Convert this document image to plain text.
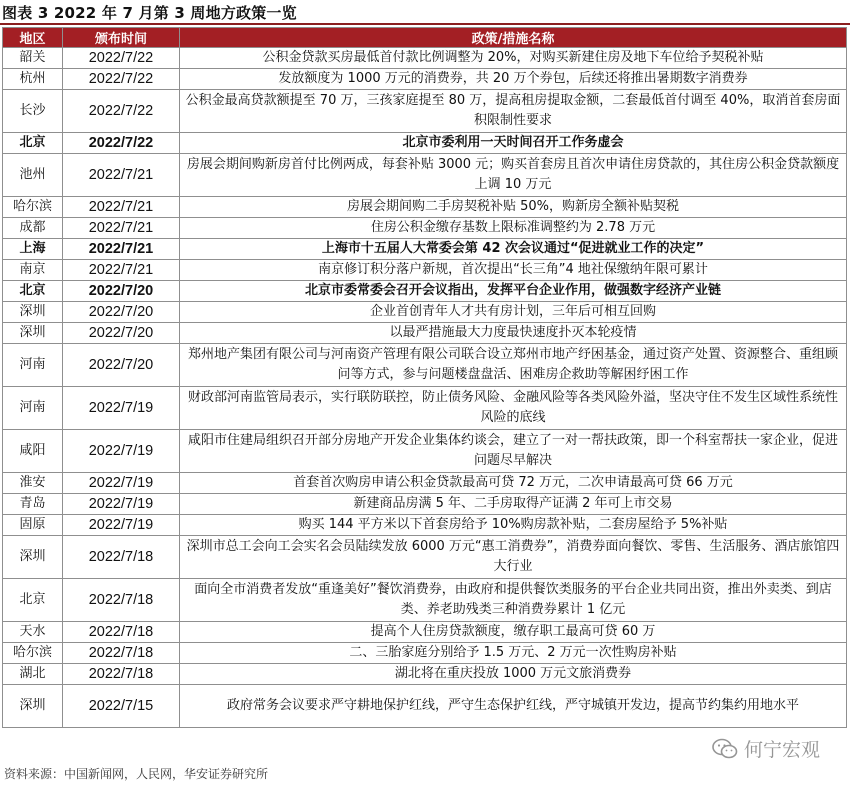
图表 3 2022 年 7 月第 3 周地方政策一览
地区	颁布时间	政策/措施名称
韶关	2022/7/22	公积金贷款买房最低首付款比例调整为 20%，对购买新建住房及地下车位给予契税补贴
杭州	2022/7/22	发放额度为 1000 万元的消费券，共 20 万个券包，后续还将推出暑期数字消费券
长沙	2022/7/22	公积金最高贷款额提至 70 万，三孩家庭提至 80 万，提高租房提取金额，二套最低首付调至 40%，取消首套房面积限制性要求
北京	2022/7/22	北京市委利用一天时间召开工作务虚会
池州	2022/7/21	房展会期间购新房首付比例两成，每套补贴 3000 元；购买首套房且首次申请住房贷款的，其住房公积金贷款额度上调 10 万元
哈尔滨	2022/7/21	房展会期间购二手房契税补贴 50%，购新房全额补贴契税
成都	2022/7/21	住房公积金缴存基数上限标准调整约为 2.78 万元
上海	2022/7/21	上海市十五届人大常委会第 42 次会议通过“促进就业工作的决定”
南京	2022/7/21	南京修订积分落户新规，首次提出“长三角”4 地社保缴纳年限可累计
北京	2022/7/20	北京市委常委会召开会议指出，发挥平台企业作用，做强数字经济产业链
深圳	2022/7/20	企业首创青年人才共有房计划，三年后可相互回购
深圳	2022/7/20	以最严措施最大力度最快速度扑灭本轮疫情
河南	2022/7/20	郑州地产集团有限公司与河南资产管理有限公司联合设立郑州市地产纾困基金，通过资产处置、资源整合、重组顾问等方式，参与问题楼盘盘活、困难房企救助等解困纾困工作
河南	2022/7/19	财政部河南监管局表示，实行联防联控，防止债务风险、金融风险等各类风险外溢，坚决守住不发生区域性系统性风险的底线
咸阳	2022/7/19	咸阳市住建局组织召开部分房地产开发企业集体约谈会，建立了一对一帮扶政策，即一个科室帮扶一家企业，促进问题尽早解决
淮安	2022/7/19	首套首次购房申请公积金贷款最高可贷 72 万元，二次申请最高可贷 66 万元
青岛	2022/7/19	新建商品房满 5 年、二手房取得产证满 2 年可上市交易
固原	2022/7/19	购买 144 平方米以下首套房给予 10%购房款补贴，二套房屋给予 5%补贴
深圳	2022/7/18	深圳市总工会向工会实名会员陆续发放 6000 万元“惠工消费券”，消费券面向餐饮、零售、生活服务、酒店旅馆四大行业
北京	2022/7/18	面向全市消费者发放“重逢美好”餐饮消费券，由政府和提供餐饮类服务的平台企业共同出资，推出外卖类、到店类、养老助残类三种消费券累计 1 亿元
天水	2022/7/18	提高个人住房贷款额度，缴存职工最高可贷 60 万
哈尔滨	2022/7/18	二、三胎家庭分别给予 1.5 万元、2 万元一次性购房补贴
湖北	2022/7/18	湖北将在重庆投放 1000 万元文旅消费券
深圳	2022/7/15	政府常务会议要求严守耕地保护红线，严守生态保护红线，严守城镇开发边，提高节约集约用地水平
资料来源：中国新闻网，人民网，华安证券研究所
何宁宏观
